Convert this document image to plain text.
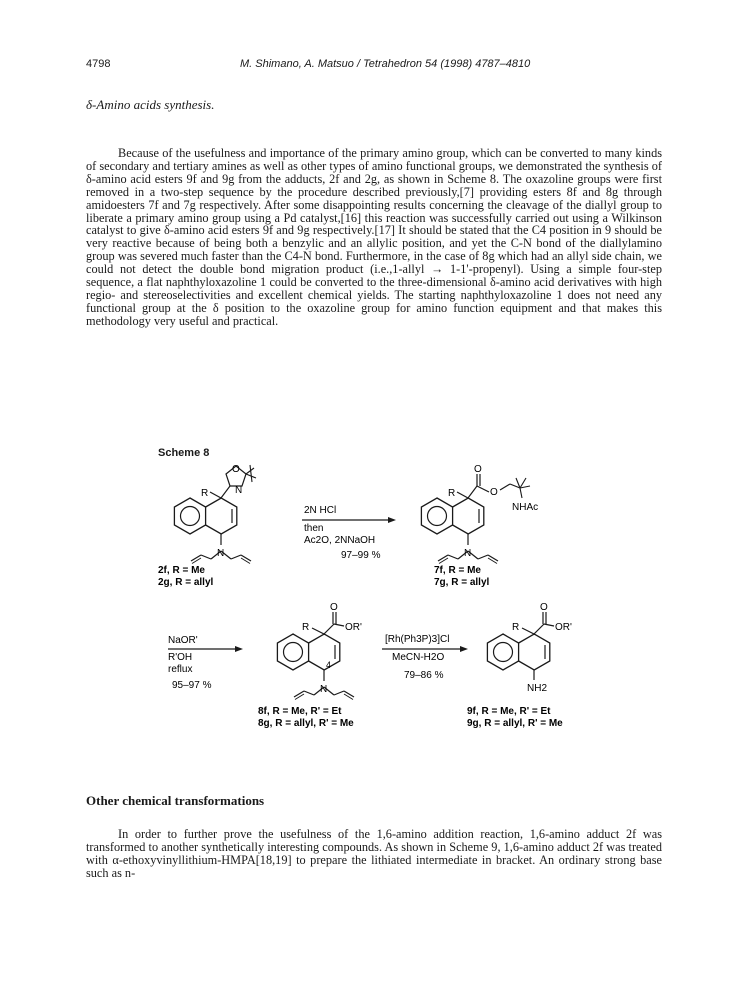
4798	M. Shimano, A. Matsuo / Tetrahedron 54 (1998) 4787–4810
δ-Amino acids synthesis.

Because of the usefulness and importance of the primary amino group, which can be converted to many kinds of secondary and tertiary amines as well as other types of amino functional groups, we demonstrated the synthesis of δ-amino acid esters 9f and 9g from the adducts, 2f and 2g, as shown in Scheme 8. The oxazoline groups were first removed in a two-step sequence by the procedure described previously,[7] providing esters 8f and 8g through amidoesters 7f and 7g respectively. After some disappointing results concerning the cleavage of the diallyl group to liberate a primary amino group using a Pd catalyst,[16] this reaction was successfully carried out using a Wilkinson catalyst to give δ-amino acid esters 9f and 9g respectively.[17] It should be stated that the C4 position in 9 should be very reactive because of being both a benzylic and an allylic position, and yet the C-N bond of the diallylamino group was severed much faster than the C4-N bond. Furthermore, in the case of 8g which had an allyl side chain, we could not detect the double bond migration product (i.e.,1-allyl → 1-1'-propenyl). Using a simple four-step sequence, a flat naphthyloxazoline 1 could be converted to the three-dimensional δ-amino acid derivatives with high regio- and stereoselectivities and excellent chemical yields. The starting naphthyloxazoline 1 does not need any functional group at the δ position to the oxazoline group for amino function equipment and that makes this methodology very useful and practical.

Scheme 8
O
N
R
N
2f, R = Me
2g, R = allyl
2N HCl
then
Ac2O, 2NNaOH
97–99 %
O
O
R
NHAc
N
7f, R = Me
7g, R = allyl
NaOR'
R'OH
reflux
95–97 %
O
OR'
R
4
N
8f, R = Me, R' = Et
8g, R = allyl, R' = Me
[Rh(Ph3P)3]Cl
MeCN-H2O
79–86 %
O
OR'
R
NH2
9f, R = Me, R' = Et
9g, R = allyl, R' = Me
Other chemical transformations

In order to further prove the usefulness of the 1,6-amino addition reaction, 1,6-amino adduct 2f was transformed to another synthetically interesting compounds. As shown in Scheme 9, 1,6-amino adduct 2f was treated with α-ethoxyvinyllithium-HMPA[18,19] to prepare the lithiated intermediate in bracket. An ordinary strong base such as n-
